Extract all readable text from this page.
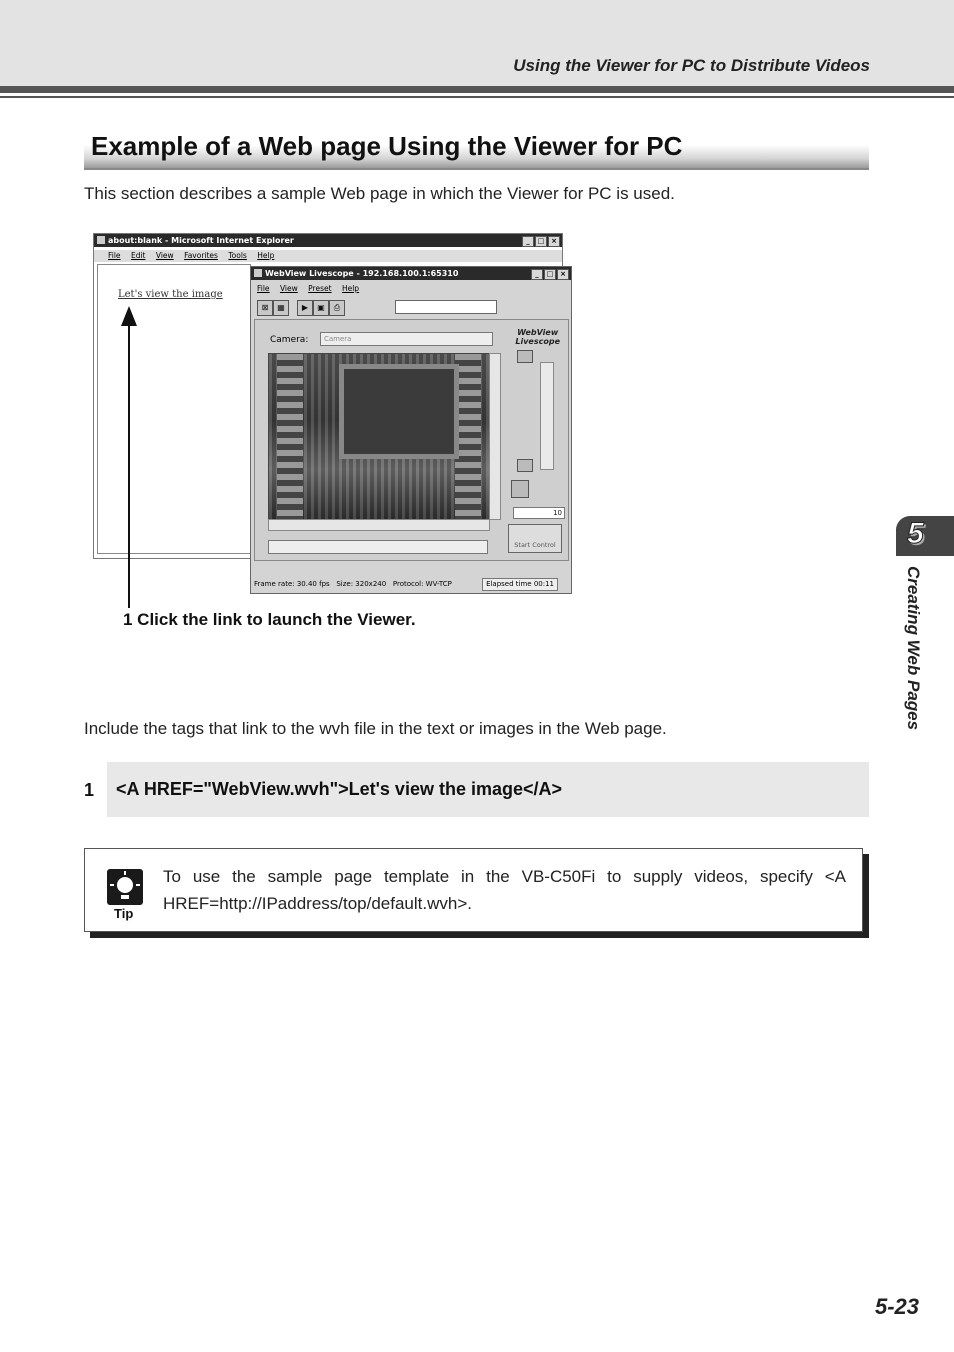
Using the Viewer for PC to Distribute Videos
Example of a Web page Using the Viewer for PC
This section describes a sample Web page in which the Viewer for PC is used.
about:blank - Microsoft Internet Explorer	_	□ ×
File Edit View Favorites Tools Help
Let's view the image
WebView Livescope - 192.168.100.1:65310	_	□ ×
File View Preset Help
⊠	▦	▶	▣	⎙
Camera:	Camera
WebView
Livescope
10
Start Control
Frame rate: 30.40 fps Size: 320x240 Protocol: WV-TCP	Elapsed time 00:11
1 Click the link to launch the Viewer.
Include the tags that link to the wvh file in the text or images in the Web page.
1 <A HREF="WebView.wvh">Let's view the image</A>
Tip
To use the sample page template in the VB-C50Fi to supply videos, specify <A HREF=http://IPaddress/top/default.wvh>.
5
Creating Web Pages
5-23
